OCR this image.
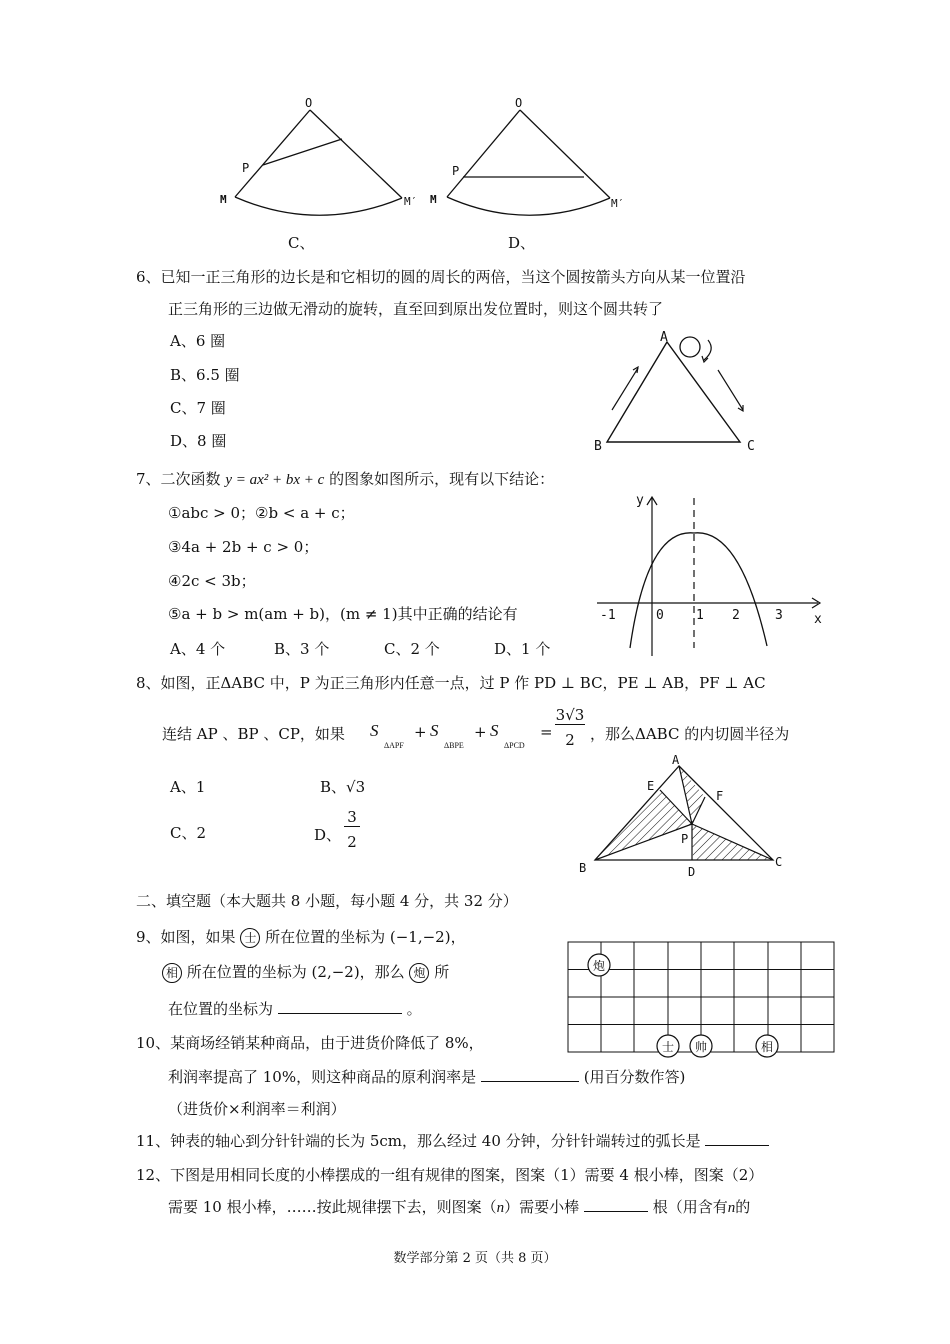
O
P
M	M′
O
P
M	M′
C、	D、
6、已知一正三角形的边长是和它相切的圆的周长的两倍，当这个圆按箭头方向从某一位置沿
正三角形的三边做无滑动的旋转，直至回到原出发位置时，则这个圆共转了
A、6 圈
B、6.5 圈
C、7 圈
D、8 圈
A
B	C
7、二次函数 y = ax² + bx + c 的图象如图所示，现有以下结论：
①abc > 0；②b < a + c；
③4a + 2b + c > 0；
④2c < 3b；
⑤a + b > m(am + b)，(m ≠ 1)其中正确的结论有
A、4 个	B、3 个	C、2 个	D、1 个
y
x
-1	0 1 2	3
8、如图，正ΔABC 中，P 为正三角形内任意一点，过 P 作 PD ⊥ BC，PE ⊥ AB，PF ⊥ AC
连结 AP 、BP 、CP，如果 S
ΔAPF
+ S
ΔBPE
+ S
ΔPCD
=
3√3
2	，那么ΔABC 的内切圆半径为
A、1	B、√3
C、2	D、
3
2
A
E
F
P
B	C
D
二、填空题（本大题共 8 小题，每小题 4 分，共 32 分）
9、如图，如果 士 所在位置的坐标为 (−1,−2)，
相 所在位置的坐标为 (2,−2)，那么 炮 所
在位置的坐标为	。
炮
士 帅	相
10、某商场经销某种商品，由于进货价降低了 8%，
利润率提高了 10%，则这种商品的原利润率是	(用百分数作答)
（进货价×利润率＝利润）
11、钟表的轴心到分针针端的长为 5cm，那么经过 40 分钟，分针针端转过的弧长是
12、下图是用相同长度的小棒摆成的一组有规律的图案，图案（1）需要 4 根小棒，图案（2）
需要 10 根小棒，……按此规律摆下去，则图案（n）需要小棒	根（用含有n的
数学部分第 2 页（共 8 页）
